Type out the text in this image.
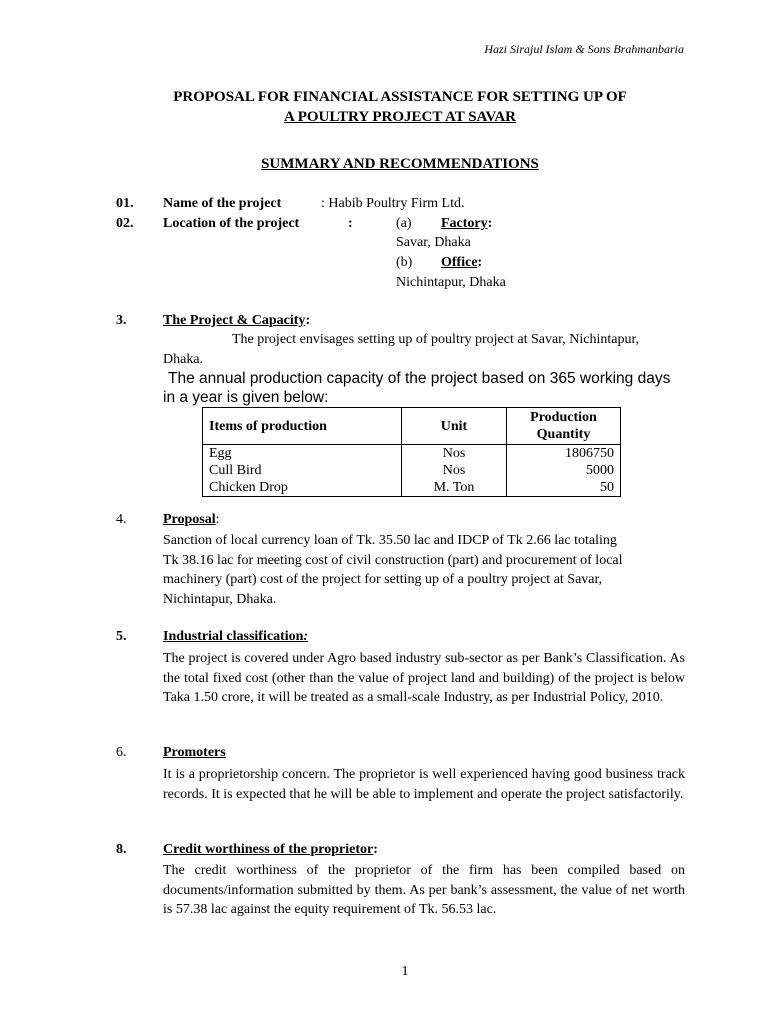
Hazi Sirajul Islam & Sons Brahmanbaria
PROPOSAL FOR FINANCIAL ASSISTANCE FOR SETTING UP OF
A POULTRY PROJECT AT SAVAR
SUMMARY AND RECOMMENDATIONS
01. Name of the project	: Habib Poultry Firm Ltd.
02. Location of the project	:	(a) Factory:
Savar, Dhaka
(b) Office:
Nichintapur, Dhaka
3.	The Project & Capacity:
The project envisages setting up of poultry project at Savar, Nichintapur,
Dhaka.
The annual production capacity of the project based on 365 working days
in a year is given below:
Items of production	Unit	Production
Quantity
Egg	Nos	1806750
Cull Bird	Nos	5000
Chicken Drop	M. Ton	50
4.	Proposal:
Sanction of local currency loan of Tk. 35.50 lac and IDCP of Tk 2.66 lac totaling
Tk 38.16 lac for meeting cost of civil construction (part) and procurement of local
machinery (part) cost of the project for setting up of a poultry project at Savar,
Nichintapur, Dhaka.
5.	Industrial classification:
The project is covered under Agro based industry sub-sector as per Bank’s Classification. As the total fixed cost (other than the value of project land and building) of the project is below Taka 1.50 crore, it will be treated as a small-scale Industry, as per Industrial Policy, 2010.
6.	Promoters
It is a proprietorship concern. The proprietor is well experienced having good business track records. It is expected that he will be able to implement and operate the project satisfactorily.
8.	Credit worthiness of the proprietor:
The credit worthiness of the proprietor of the firm has been compiled based on documents/information submitted by them. As per bank’s assessment, the value of net worth is 57.38 lac against the equity requirement of Tk. 56.53 lac.
1
